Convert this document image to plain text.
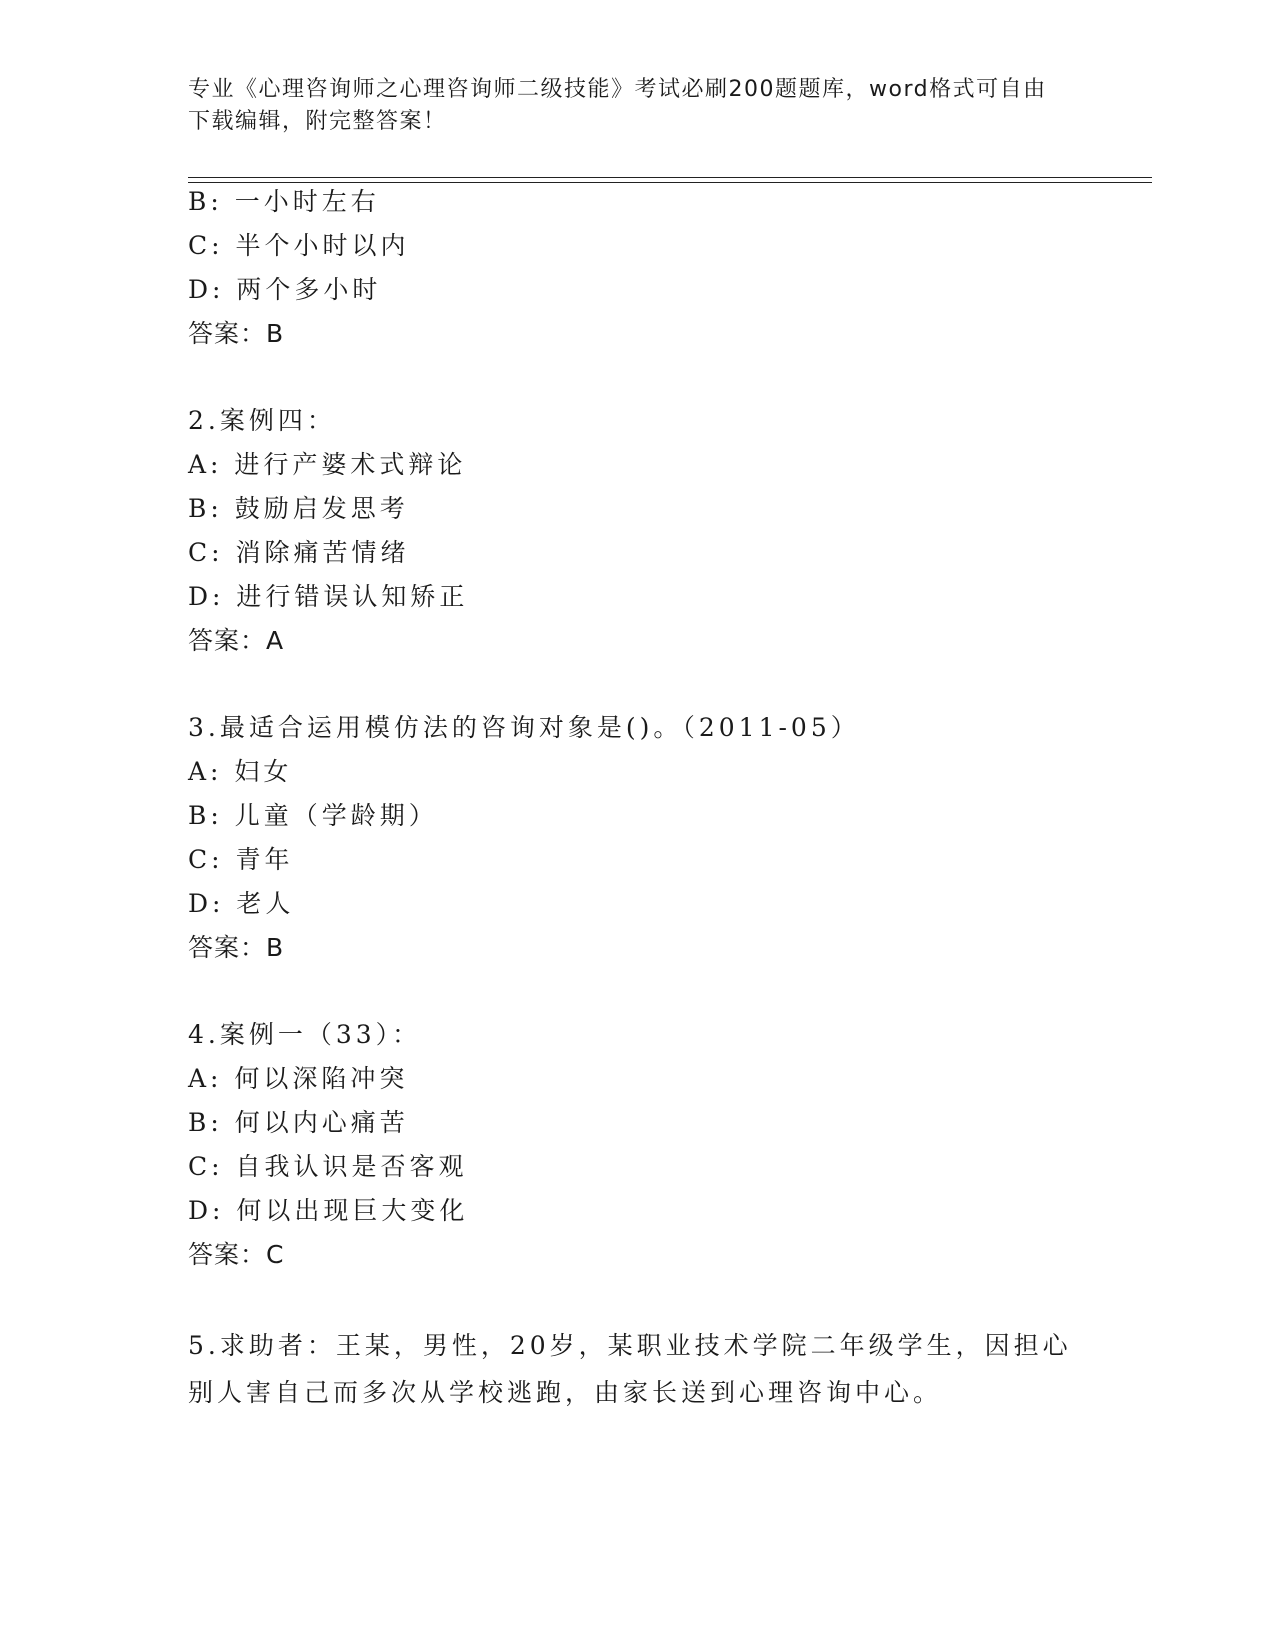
专业《心理咨询师之心理咨询师二级技能》考试必刷200题题库，word格式可自由下载编辑，附完整答案！
B: 一小时左右
C: 半个小时以内
D: 两个多小时
答案：B
2.案例四：
A: 进行产婆术式辩论
B: 鼓励启发思考
C: 消除痛苦情绪
D: 进行错误认知矫正
答案：A
3.最适合运用模仿法的咨询对象是()。（2011-05）
A: 妇女
B: 儿童（学龄期）
C: 青年
D: 老人
答案：B
4.案例一（33）：
A: 何以深陷冲突
B: 何以内心痛苦
C: 自我认识是否客观
D: 何以出现巨大变化
答案：C
5.求助者：王某，男性，20岁，某职业技术学院二年级学生，因担心别人害自己而多次从学校逃跑，由家长送到心理咨询中心。
